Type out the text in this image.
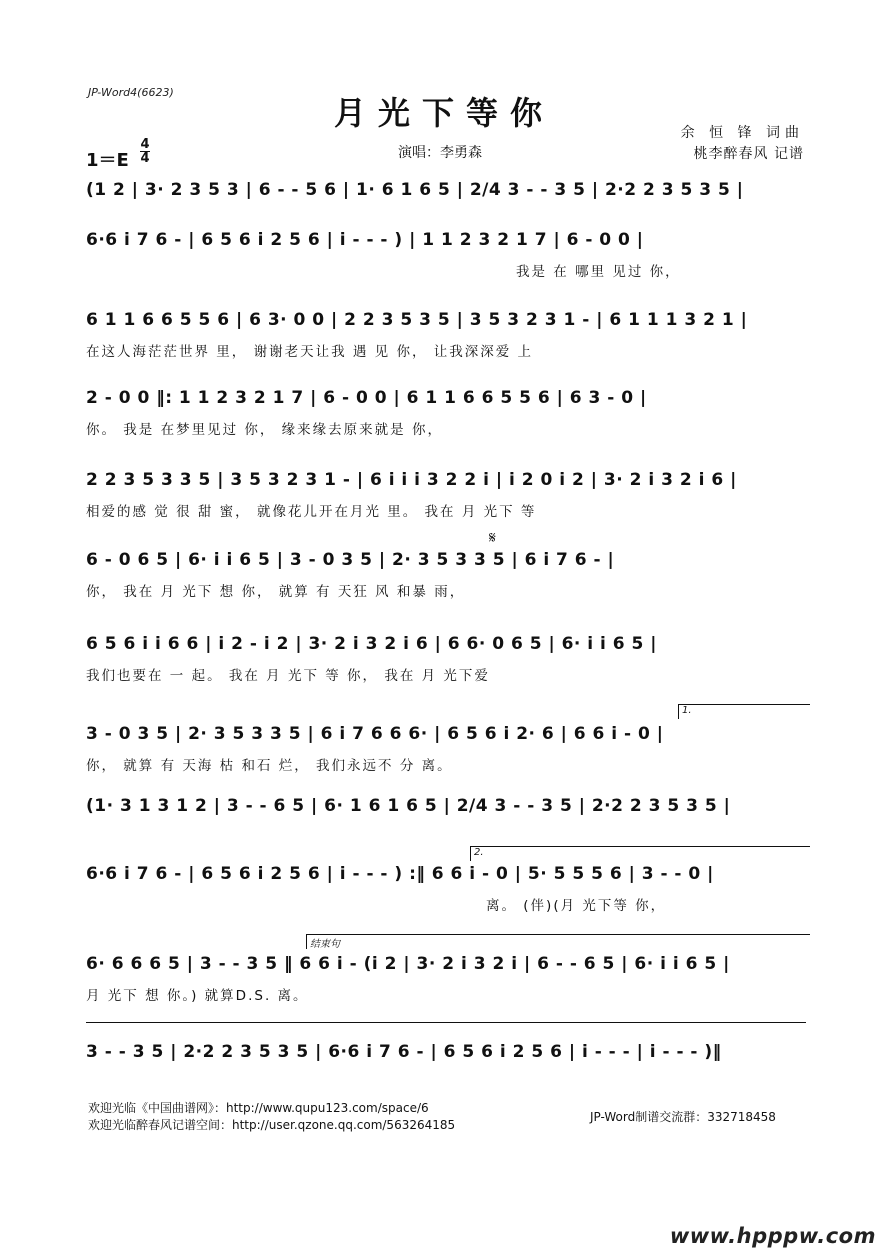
JP-Word4(6623)
月光下等你
余 恒 锋 词曲
桃李醉春风 记谱
1＝E
4
4	演唱：李勇森
(1 2 | 3· 2 3 5 3 | 6 - - 5 6 | 1· 6 1 6 5 | 2/4 3 - - 3 5 | 2·2 2 3 5 3 5 |
6·6 i 7 6 - | 6 5 6 i 2 5 6 | i - - - ) | 1 1 2 3 2 1 7 | 6 - 0 0 |
我是 在 哪里 见过 你，
6 1 1 6 6 5 5 6 | 6 3· 0 0 | 2 2 3 5 3 5 | 3 5 3 2 3 1 - | 6 1 1 1 3 2 1 |
在这人海茫茫世界 里， 谢谢老天让我 遇 见 你， 让我深深爱 上
2 - 0 0 ‖: 1 1 2 3 2 1 7 | 6 - 0 0 | 6 1 1 6 6 5 5 6 | 6 3 - 0 |
你。 我是 在梦里见过 你， 缘来缘去原来就是 你，
2 2 3 5 3 3 5 | 3 5 3 2 3 1 - | 6 i i i 3 2 2 i | i 2 0 i 2 | 3· 2 i 3 2 i 6 |
相爱的感 觉 很 甜 蜜， 就像花儿开在月光 里。 我在 月 光下 等
𝄋
6 - 0 6 5 | 6· i i 6 5 | 3 - 0 3 5 | 2· 3 5 3 3 5 | 6 i 7 6 - |
你， 我在 月 光下 想 你， 就算 有 天狂 风 和暴 雨，
6 5 6 i i 6 6 | i 2 - i 2 | 3· 2 i 3 2 i 6 | 6 6· 0 6 5 | 6· i i 6 5 |
我们也要在 一 起。 我在 月 光下 等 你， 我在 月 光下爱
1.
3 - 0 3 5 | 2· 3 5 3 3 5 | 6 i 7 6 6 6· | 6 5 6 i 2· 6 | 6 6 i - 0 |
你， 就算 有 天海 枯 和石 烂， 我们永远不 分 离。
(1· 3 1 3 1 2 | 3 - - 6 5 | 6· 1 6 1 6 5 | 2/4 3 - - 3 5 | 2·2 2 3 5 3 5 |
2.
6·6 i 7 6 - | 6 5 6 i 2 5 6 | i - - - ) :‖ 6 6 i - 0 | 5· 5 5 5 6 | 3 - - 0 |
离。 (伴)(月 光下等 你，
结束句
6· 6 6 6 5 | 3 - - 3 5 ‖ 6 6 i - (i 2 | 3· 2 i 3 2 i | 6 - - 6 5 | 6· i i 6 5 |
月 光下 想 你。) 就算D.S. 离。
3 - - 3 5 | 2·2 2 3 5 3 5 | 6·6 i 7 6 - | 6 5 6 i 2 5 6 | i - - - | i - - - )‖
欢迎光临《中国曲谱网》：http://www.qupu123.com/space/6
欢迎光临醉春风记谱空间：http://user.qzone.qq.com/563264185
JP-Word制谱交流群：332718458
www.hpppw.com
